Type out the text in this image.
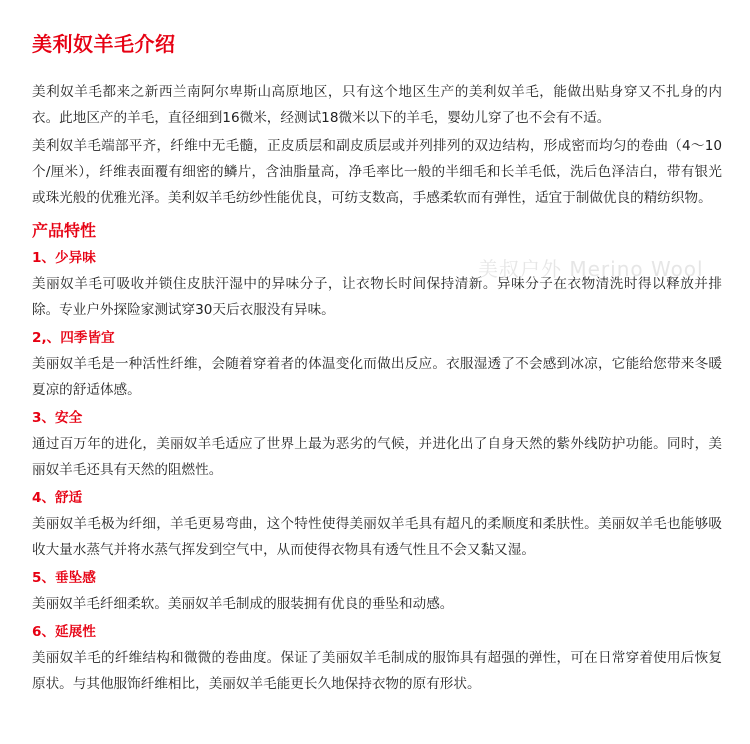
美利奴羊毛介绍

美利奴羊毛都来之新西兰南阿尔卑斯山高原地区，只有这个地区生产的美利奴羊毛，能做出贴身穿又不扎身的内衣。此地区产的羊毛，直径细到16微米，经测试18微米以下的羊毛，婴幼儿穿了也不会有不适。

美利奴羊毛端部平齐，纤维中无毛髓，正皮质层和副皮质层或并列排列的双边结构，形成密而均匀的卷曲（4～10个/厘米），纤维表面覆有细密的鳞片，含油脂量高，净毛率比一般的半细毛和长羊毛低，洗后色泽洁白，带有银光或珠光般的优雅光泽。美利奴羊毛纺纱性能优良，可纺支数高，手感柔软而有弹性，适宜于制做优良的精纺织物。

产品特性
1、少异味

美丽奴羊毛可吸收并锁住皮肤汗湿中的异味分子，让衣物长时间保持清新。异味分子在衣物清洗时得以释放并排除。专业户外探险家测试穿30天后衣服没有异味。

2,、四季皆宜

美丽奴羊毛是一种活性纤维，会随着穿着者的体温变化而做出反应。衣服湿透了不会感到冰凉，它能给您带来冬暖夏凉的舒适体感。

3、安全

通过百万年的进化，美丽奴羊毛适应了世界上最为恶劣的气候，并进化出了自身天然的紫外线防护功能。同时，美丽奴羊毛还具有天然的阻燃性。

4、舒适

美丽奴羊毛极为纤细，羊毛更易弯曲，这个特性使得美丽奴羊毛具有超凡的柔顺度和柔肤性。美丽奴羊毛也能够吸收大量水蒸气并将水蒸气挥发到空气中，从而使得衣物具有透气性且不会又黏又湿。

5、垂坠感

美丽奴羊毛纤细柔软。美丽奴羊毛制成的服装拥有优良的垂坠和动感。

6、延展性

美丽奴羊毛的纤维结构和微微的卷曲度。保证了美丽奴羊毛制成的服饰具有超强的弹性，可在日常穿着使用后恢复原状。与其他服饰纤维相比，美丽奴羊毛能更长久地保持衣物的原有形状。

美叔户外 Merino Wool
